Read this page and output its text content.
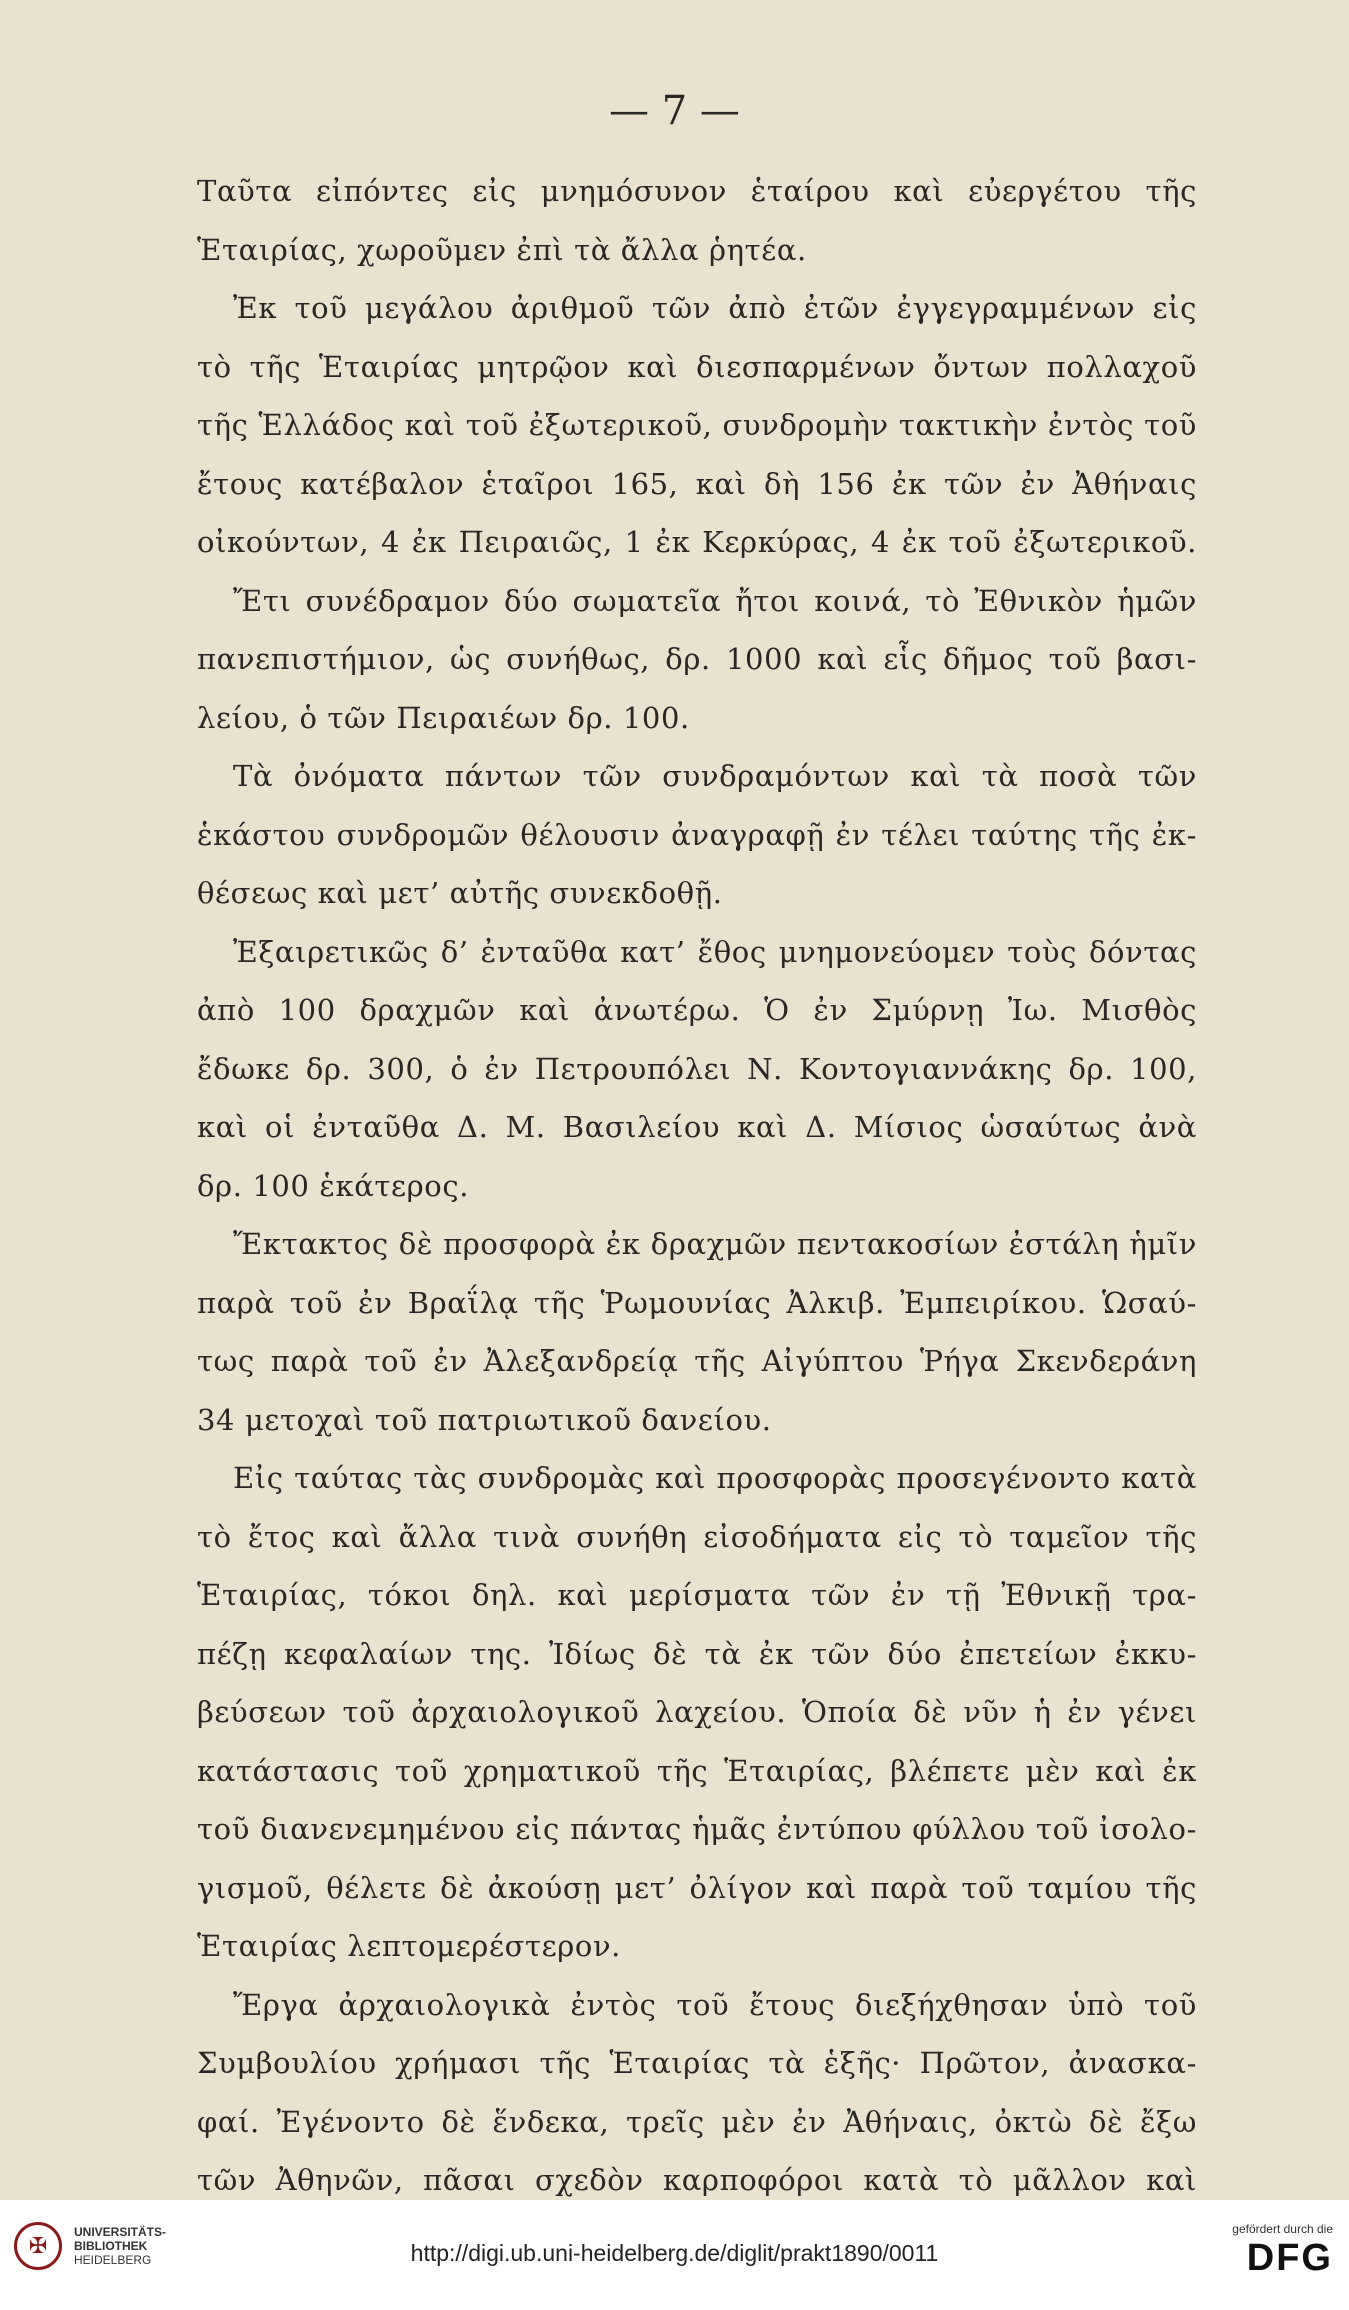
— 7 —
Ταῦτα εἰπόντες εἰς μνημόσυνον ἑταίρου καὶ εὐεργέτου τῆς
Ἑταιρίας, χωροῦμεν ἐπὶ τὰ ἄλλα ῥητέα.
Ἐκ τοῦ μεγάλου ἀριθμοῦ τῶν ἀπὸ ἐτῶν ἐγγεγραμμένων εἰς
τὸ τῆς Ἑταιρίας μητρῷον καὶ διεσπαρμένων ὄντων πολλαχοῦ
τῆς Ἑλλάδος καὶ τοῦ ἐξωτερικοῦ, συνδρομὴν τακτικὴν ἐντὸς τοῦ
ἔτους κατέβαλον ἑταῖροι 165, καὶ δὴ 156 ἐκ τῶν ἐν Ἀθήναις
οἰκούντων, 4 ἐκ Πειραιῶς, 1 ἐκ Κερκύρας, 4 ἐκ τοῦ ἐξωτερικοῦ.
Ἔτι συνέδραμον δύο σωματεῖα ἤτοι κοινά, τὸ Ἐθνικὸν ἡμῶν
πανεπιστήμιον, ὡς συνήθως, δρ. 1000 καὶ εἷς δῆμος τοῦ βασι-
λείου, ὁ τῶν Πειραιέων δρ. 100.
Τὰ ὀνόματα πάντων τῶν συνδραμόντων καὶ τὰ ποσὰ τῶν
ἑκάστου συνδρομῶν θέλουσιν ἀναγραφῇ ἐν τέλει ταύτης τῆς ἐκ-
θέσεως καὶ μετ’ αὐτῆς συνεκδοθῇ.
Ἐξαιρετικῶς δ’ ἐνταῦθα κατ’ ἔθος μνημονεύομεν τοὺς δόντας
ἀπὸ 100 δραχμῶν καὶ ἀνωτέρω. Ὁ ἐν Σμύρνῃ Ἰω. Μισθὸς
ἔδωκε δρ. 300, ὁ ἐν Πετρουπόλει Ν. Κοντογιαννάκης δρ. 100,
καὶ οἱ ἐνταῦθα Δ. Μ. Βασιλείου καὶ Δ. Μίσιος ὡσαύτως ἀνὰ
δρ. 100 ἑκάτερος.
Ἔκτακτος δὲ προσφορὰ ἐκ δραχμῶν πεντακοσίων ἐστάλη ἡμῖν
παρὰ τοῦ ἐν Βραΐλᾳ τῆς Ῥωμουνίας Ἀλκιβ. Ἐμπειρίκου. Ὡσαύ-
τως παρὰ τοῦ ἐν Ἀλεξανδρείᾳ τῆς Αἰγύπτου Ῥήγα Σκενδεράνη
34 μετοχαὶ τοῦ πατριωτικοῦ δανείου.
Εἰς ταύτας τὰς συνδρομὰς καὶ προσφορὰς προσεγένοντο κατὰ
τὸ ἔτος καὶ ἄλλα τινὰ συνήθη εἰσοδήματα εἰς τὸ ταμεῖον τῆς
Ἑταιρίας, τόκοι δηλ. καὶ μερίσματα τῶν ἐν τῇ Ἐθνικῇ τρα-
πέζῃ κεφαλαίων της. Ἰδίως δὲ τὰ ἐκ τῶν δύο ἐπετείων ἐκκυ-
βεύσεων τοῦ ἀρχαιολογικοῦ λαχείου. Ὁποία δὲ νῦν ἡ ἐν γένει
κατάστασις τοῦ χρηματικοῦ τῆς Ἑταιρίας, βλέπετε μὲν καὶ ἐκ
τοῦ διανενεμημένου εἰς πάντας ἡμᾶς ἐντύπου φύλλου τοῦ ἰσολο-
γισμοῦ, θέλετε δὲ ἀκούσῃ μετ’ ὀλίγον καὶ παρὰ τοῦ ταμίου τῆς
Ἑταιρίας λεπτομερέστερον.
Ἔργα ἀρχαιολογικὰ ἐντὸς τοῦ ἔτους διεξήχθησαν ὑπὸ τοῦ
Συμβουλίου χρήμασι τῆς Ἑταιρίας τὰ ἑξῆς· Πρῶτον, ἀνασκα-
φαί. Ἐγένοντο δὲ ἕνδεκα, τρεῖς μὲν ἐν Ἀθήναις, ὀκτὼ δὲ ἔξω
τῶν Ἀθηνῶν, πᾶσαι σχεδὸν καρποφόροι κατὰ τὸ μᾶλλον καὶ
✠
UNIVERSITÄTS-
BIBLIOTHEK
HEIDELBERG	http://digi.ub.uni-heidelberg.de/diglit/prakt1890/0011
gefördert durch die
DFG
